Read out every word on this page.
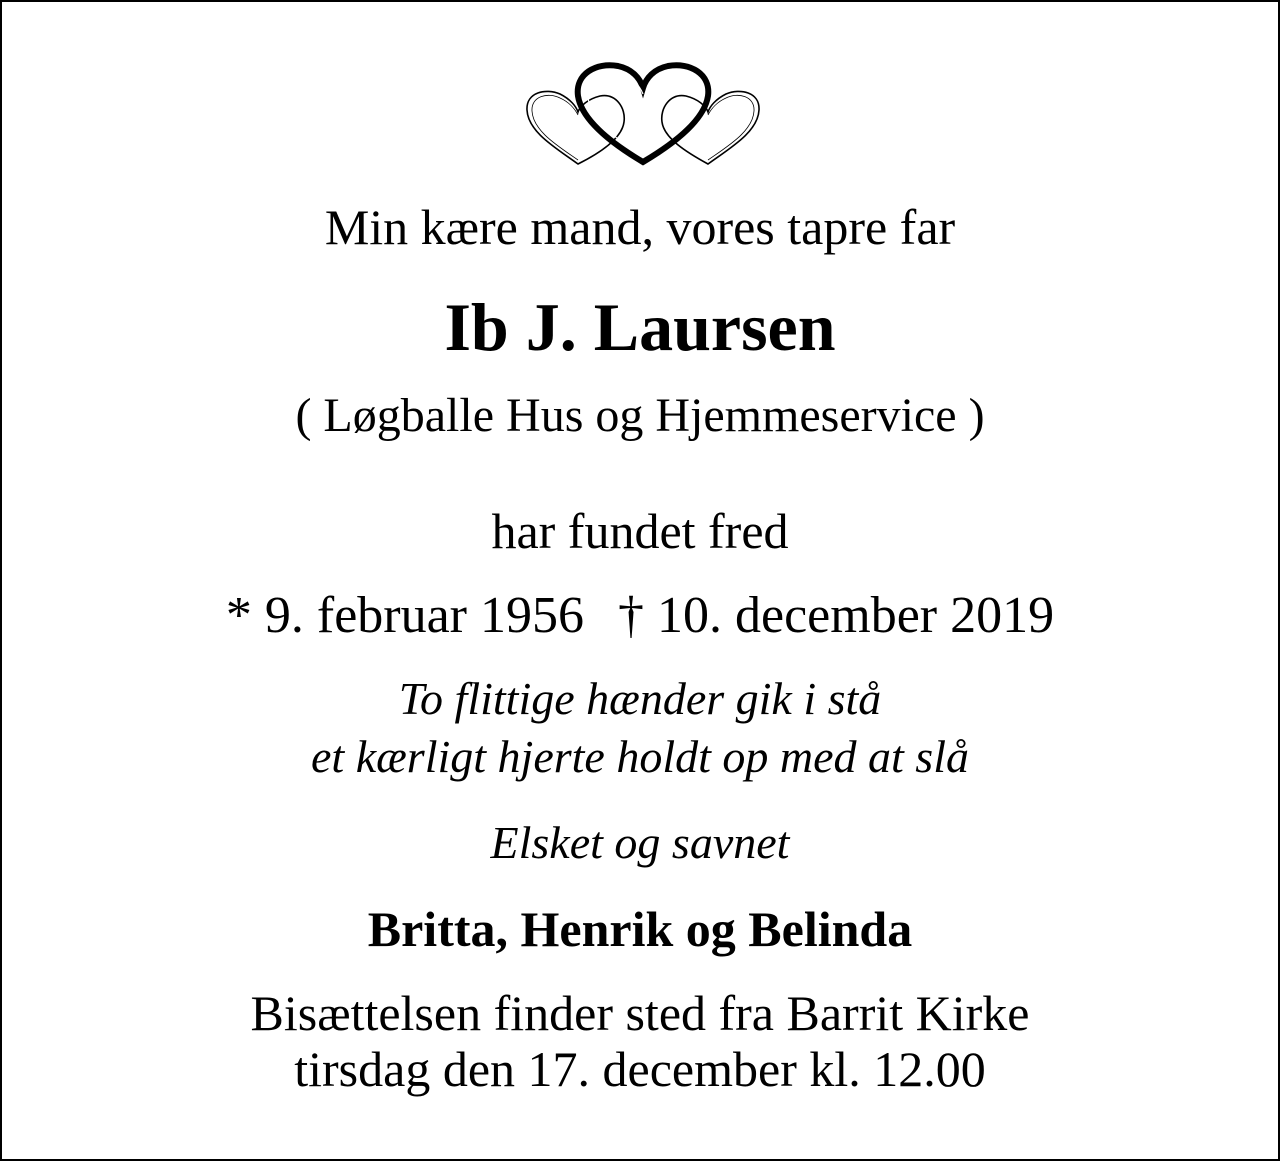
Min kære mand, vores tapre far
Ib J. Laursen
( Løgballe Hus og Hjemmeservice )
har fundet fred
* 9. februar 1956 † 10. december 2019
To flittige hænder gik i stå
et kærligt hjerte holdt op med at slå
Elsket og savnet
Britta, Henrik og Belinda
Bisættelsen finder sted fra Barrit Kirke
tirsdag den 17. december kl. 12.00
